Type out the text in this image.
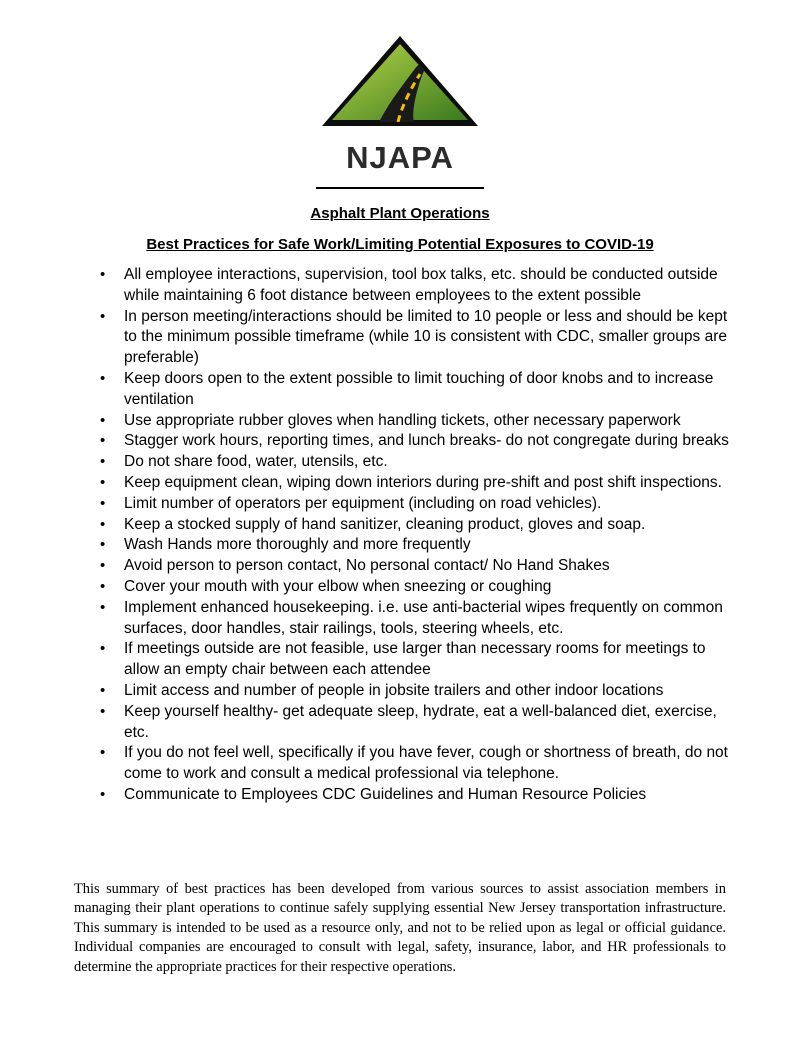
NJAPA
Asphalt Plant Operations
Best Practices for Safe Work/Limiting Potential Exposures to COVID-19
• All employee interactions, supervision, tool box talks, etc. should be conducted outside while maintaining 6 foot distance between employees to the extent possible
• In person meeting/interactions should be limited to 10 people or less and should be kept to the minimum possible timeframe (while 10 is consistent with CDC, smaller groups are preferable)
• Keep doors open to the extent possible to limit touching of door knobs and to increase ventilation
• Use appropriate rubber gloves when handling tickets, other necessary paperwork
• Stagger work hours, reporting times, and lunch breaks- do not congregate during breaks
• Do not share food, water, utensils, etc.
• Keep equipment clean, wiping down interiors during pre-shift and post shift inspections.
• Limit number of operators per equipment (including on road vehicles).
• Keep a stocked supply of hand sanitizer, cleaning product, gloves and soap.
• Wash Hands more thoroughly and more frequently
• Avoid person to person contact, No personal contact/ No Hand Shakes
• Cover your mouth with your elbow when sneezing or coughing
• Implement enhanced housekeeping. i.e. use anti-bacterial wipes frequently on common surfaces, door handles, stair railings, tools, steering wheels, etc.
• If meetings outside are not feasible, use larger than necessary rooms for meetings to allow an empty chair between each attendee
• Limit access and number of people in jobsite trailers and other indoor locations
• Keep yourself healthy- get adequate sleep, hydrate, eat a well-balanced diet, exercise, etc.
• If you do not feel well, specifically if you have fever, cough or shortness of breath, do not come to work and consult a medical professional via telephone.
• Communicate to Employees CDC Guidelines and Human Resource Policies

This summary of best practices has been developed from various sources to assist association members in managing their plant operations to continue safely supplying essential New Jersey transportation infrastructure. This summary is intended to be used as a resource only, and not to be relied upon as legal or official guidance. Individual companies are encouraged to consult with legal, safety, insurance, labor, and HR professionals to determine the appropriate practices for their respective operations.
